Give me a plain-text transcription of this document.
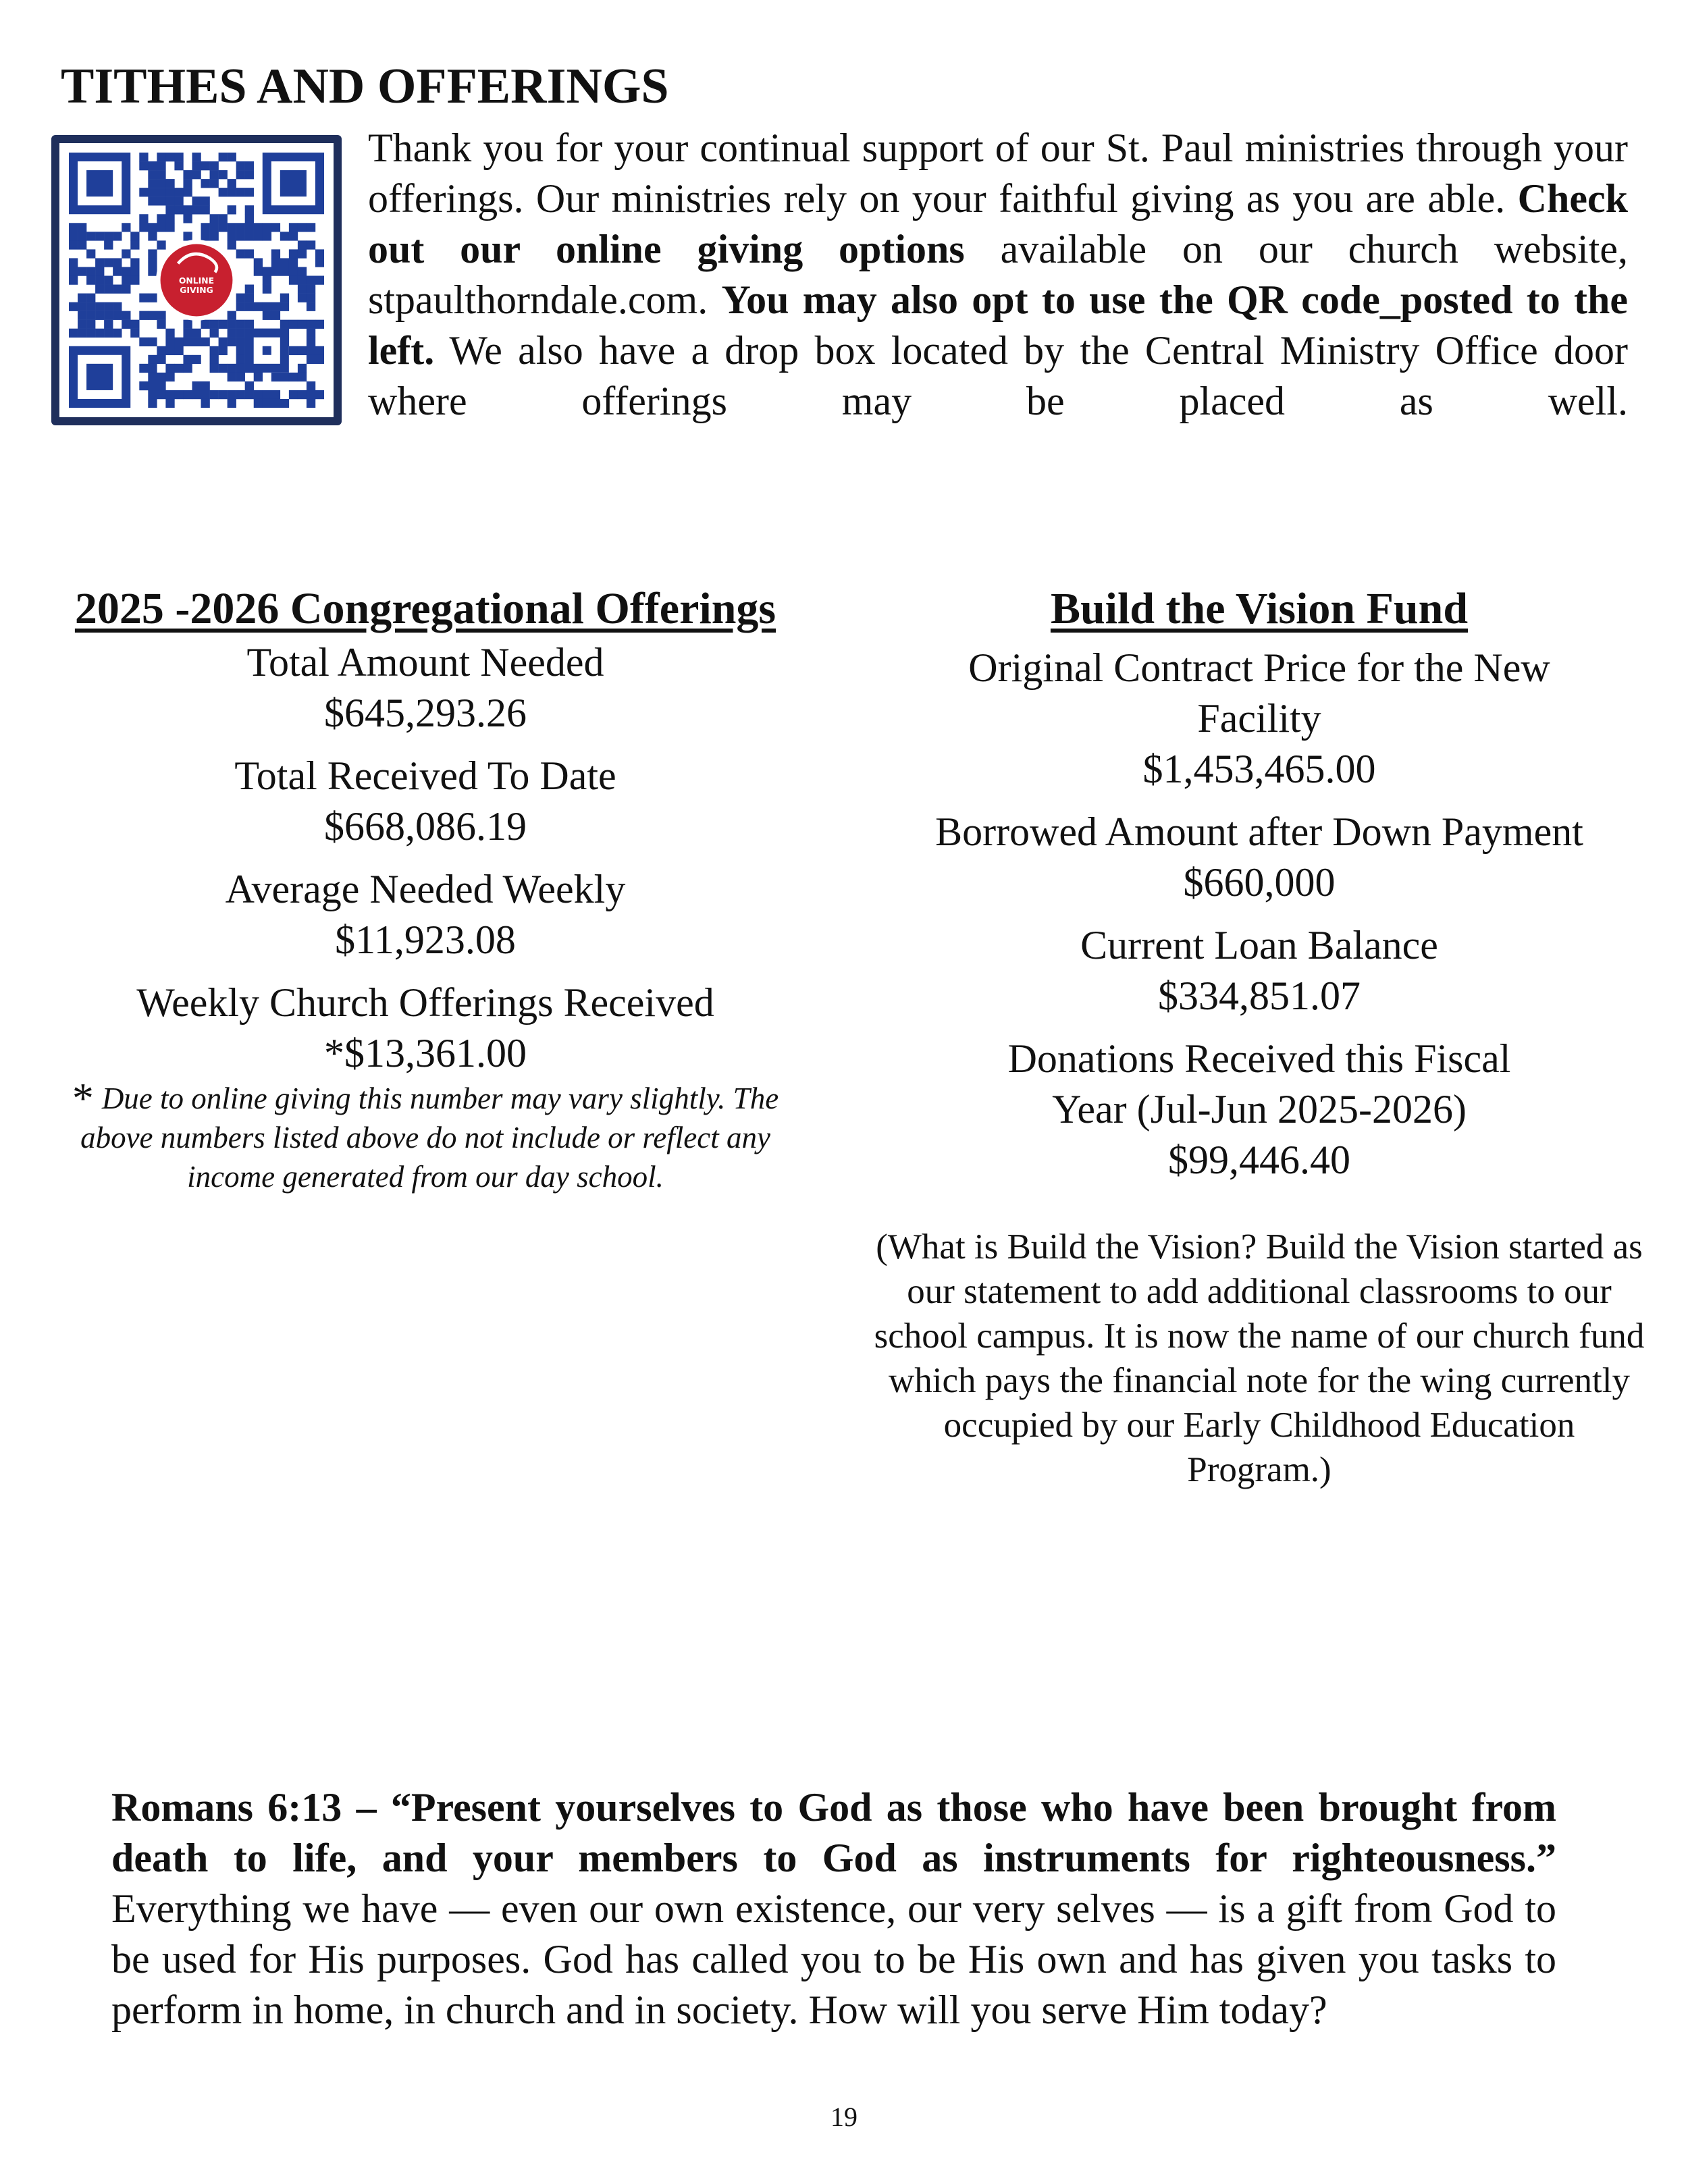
TITHES AND OFFERINGS

Thank you for your continual support of our St. Paul ministries through your offerings. Our ministries rely on your faithful giving as you are able. Check out our online giving options available on our church website, stpaulthorndale.com. You may also opt to use the QR code_posted to the left. We also have a drop box located by the Central Ministry Office door where offerings may be placed as well.

2025 -2026 Congregational Offerings

Total Amount Needed

$645,293.26

Total Received To Date

$668,086.19

Average Needed Weekly

$11,923.08

Weekly Church Offerings Received

*$13,361.00

* Due to online giving this number may vary slightly. The above numbers listed above do not include or reflect any income generated from our day school.

Build the Vision Fund

Original Contract Price for the New Facility

$1,453,465.00

Borrowed Amount after Down Payment

$660,000

Current Loan Balance

$334,851.07

Donations Received this Fiscal Year (Jul-Jun 2025-2026)

$99,446.40

(What is Build the Vision? Build the Vision started as our statement to add additional classrooms to our school campus. It is now the name of our church fund which pays the financial note for the wing currently occupied by our Early Childhood Education Program.)

Romans 6:13 – “Present yourselves to God as those who have been brought from death to life, and your members to God as instruments for righteousness.” Everything we have — even our own existence, our very selves — is a gift from God to be used for His purposes. God has called you to be His own and has given you tasks to perform in home, in church and in society. How will you serve Him today?

19
